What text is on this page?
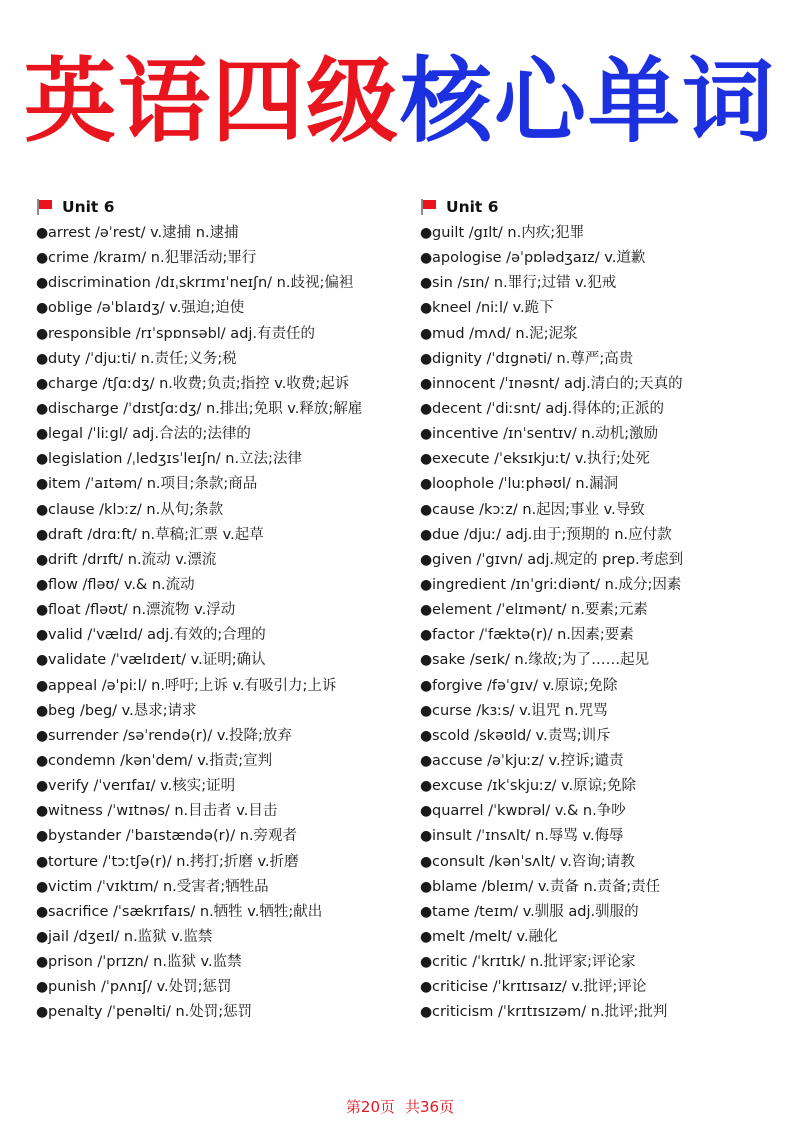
英语四级核心单词
Unit 6
●arrest /əˈrest/ v.逮捕 n.逮捕
●crime /kraɪm/ n.犯罪活动;罪行
●discrimination /dɪˌskrɪmɪˈneɪʃn/ n.歧视;偏袒
●oblige /əˈblaɪdʒ/ v.强迫;迫使
●responsible /rɪˈspɒnsəbl/ adj.有责任的
●duty /ˈdjuːti/ n.责任;义务;税
●charge /tʃɑːdʒ/ n.收费;负责;指控 v.收费;起诉
●discharge /ˈdɪstʃɑːdʒ/ n.排出;免职 v.释放;解雇
●legal /ˈliːgl/ adj.合法的;法律的
●legislation /ˌledʒɪsˈleɪʃn/ n.立法;法律
●item /ˈaɪtəm/ n.项目;条款;商品
●clause /klɔːz/ n.从句;条款
●draft /drɑːft/ n.草稿;汇票 v.起草
●drift /drɪft/ n.流动 v.漂流
●flow /fləʊ/ v.& n.流动
●float /fləʊt/ n.漂流物 v.浮动
●valid /ˈvælɪd/ adj.有效的;合理的
●validate /ˈvælɪdeɪt/ v.证明;确认
●appeal /əˈpiːl/ n.呼吁;上诉 v.有吸引力;上诉
●beg /beg/ v.恳求;请求
●surrender /səˈrendə(r)/ v.投降;放弃
●condemn /kənˈdem/ v.指责;宣判
●verify /ˈverɪfaɪ/ v.核实;证明
●witness /ˈwɪtnəs/ n.目击者 v.目击
●bystander /ˈbaɪstændə(r)/ n.旁观者
●torture /ˈtɔːtʃə(r)/ n.拷打;折磨 v.折磨
●victim /ˈvɪktɪm/ n.受害者;牺牲品
●sacrifice /ˈsækrɪfaɪs/ n.牺牲 v.牺牲;献出
●jail /dʒeɪl/ n.监狱 v.监禁
●prison /ˈprɪzn/ n.监狱 v.监禁
●punish /ˈpʌnɪʃ/ v.处罚;惩罚
●penalty /ˈpenəlti/ n.处罚;惩罚
Unit 6
●guilt /gɪlt/ n.内疚;犯罪
●apologise /əˈpɒlədʒaɪz/ v.道歉
●sin /sɪn/ n.罪行;过错 v.犯戒
●kneel /niːl/ v.跪下
●mud /mʌd/ n.泥;泥浆
●dignity /ˈdɪgnəti/ n.尊严;高贵
●innocent /ˈɪnəsnt/ adj.清白的;天真的
●decent /ˈdiːsnt/ adj.得体的;正派的
●incentive /ɪnˈsentɪv/ n.动机;激励
●execute /ˈeksɪkjuːt/ v.执行;处死
●loophole /ˈluːphəʊl/ n.漏洞
●cause /kɔːz/ n.起因;事业 v.导致
●due /djuː/ adj.由于;预期的 n.应付款
●given /ˈgɪvn/ adj.规定的 prep.考虑到
●ingredient /ɪnˈgriːdiənt/ n.成分;因素
●element /ˈelɪmənt/ n.要素;元素
●factor /ˈfæktə(r)/ n.因素;要素
●sake /seɪk/ n.缘故;为了……起见
●forgive /fəˈgɪv/ v.原谅;免除
●curse /kɜːs/ v.诅咒 n.咒骂
●scold /skəʊld/ v.责骂;训斥
●accuse /əˈkjuːz/ v.控诉;谴责
●excuse /ɪkˈskjuːz/ v.原谅;免除
●quarrel /ˈkwɒrəl/ v.& n.争吵
●insult /ˈɪnsʌlt/ n.辱骂 v.侮辱
●consult /kənˈsʌlt/ v.咨询;请教
●blame /bleɪm/ v.责备 n.责备;责任
●tame /teɪm/ v.驯服 adj.驯服的
●melt /melt/ v.融化
●critic /ˈkrɪtɪk/ n.批评家;评论家
●criticise /ˈkrɪtɪsaɪz/ v.批评;评论
●criticism /ˈkrɪtɪsɪzəm/ n.批评;批判
第20页 共36页
